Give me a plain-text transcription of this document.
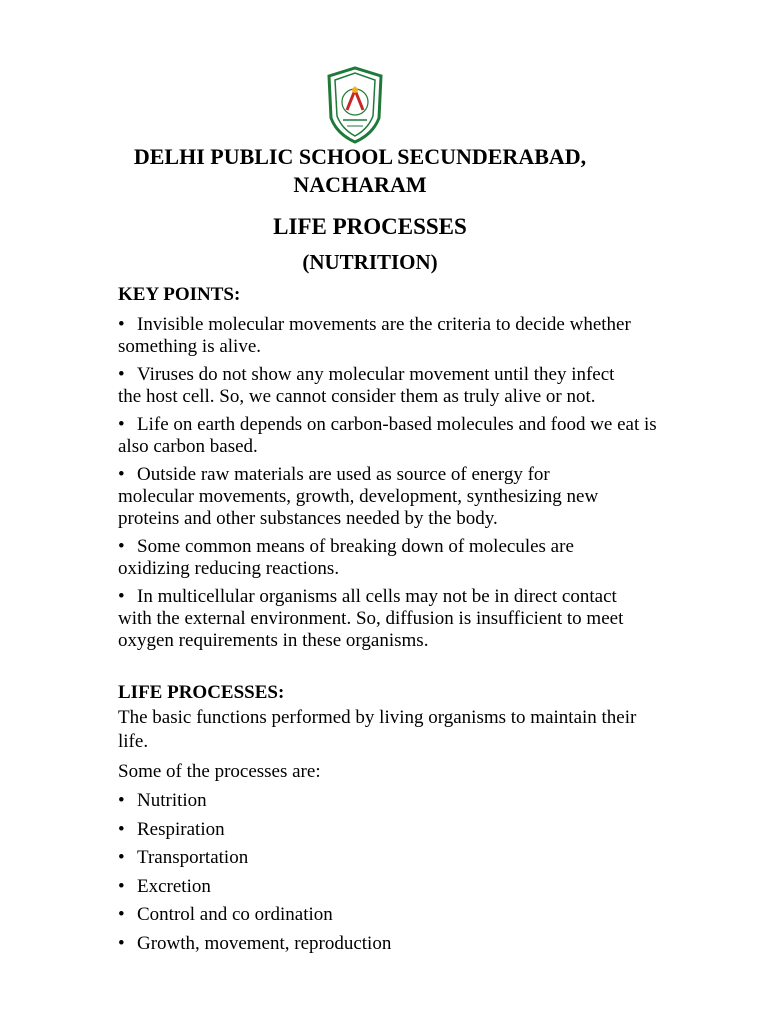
DELHI PUBLIC SCHOOL SECUNDERABAD,
NACHARAM
LIFE PROCESSES
(NUTRITION)
KEY POINTS:
• Invisible molecular movements are the criteria to decide whether
something is alive.
• Viruses do not show any molecular movement until they infect
the host cell. So, we cannot consider them as truly alive or not.
• Life on earth depends on carbon-based molecules and food we eat is
also carbon based.
• Outside raw materials are used as source of energy for
molecular movements, growth, development, synthesizing new
proteins and other substances needed by the body.
• Some common means of breaking down of molecules are
oxidizing reducing reactions.
• In multicellular organisms all cells may not be in direct contact
with the external environment. So, diffusion is insufficient to meet
oxygen requirements in these organisms.
LIFE PROCESSES:
The basic functions performed by living organisms to maintain their
life.
Some of the processes are:
• Nutrition
• Respiration
• Transportation
• Excretion
• Control and co ordination
• Growth, movement, reproduction
